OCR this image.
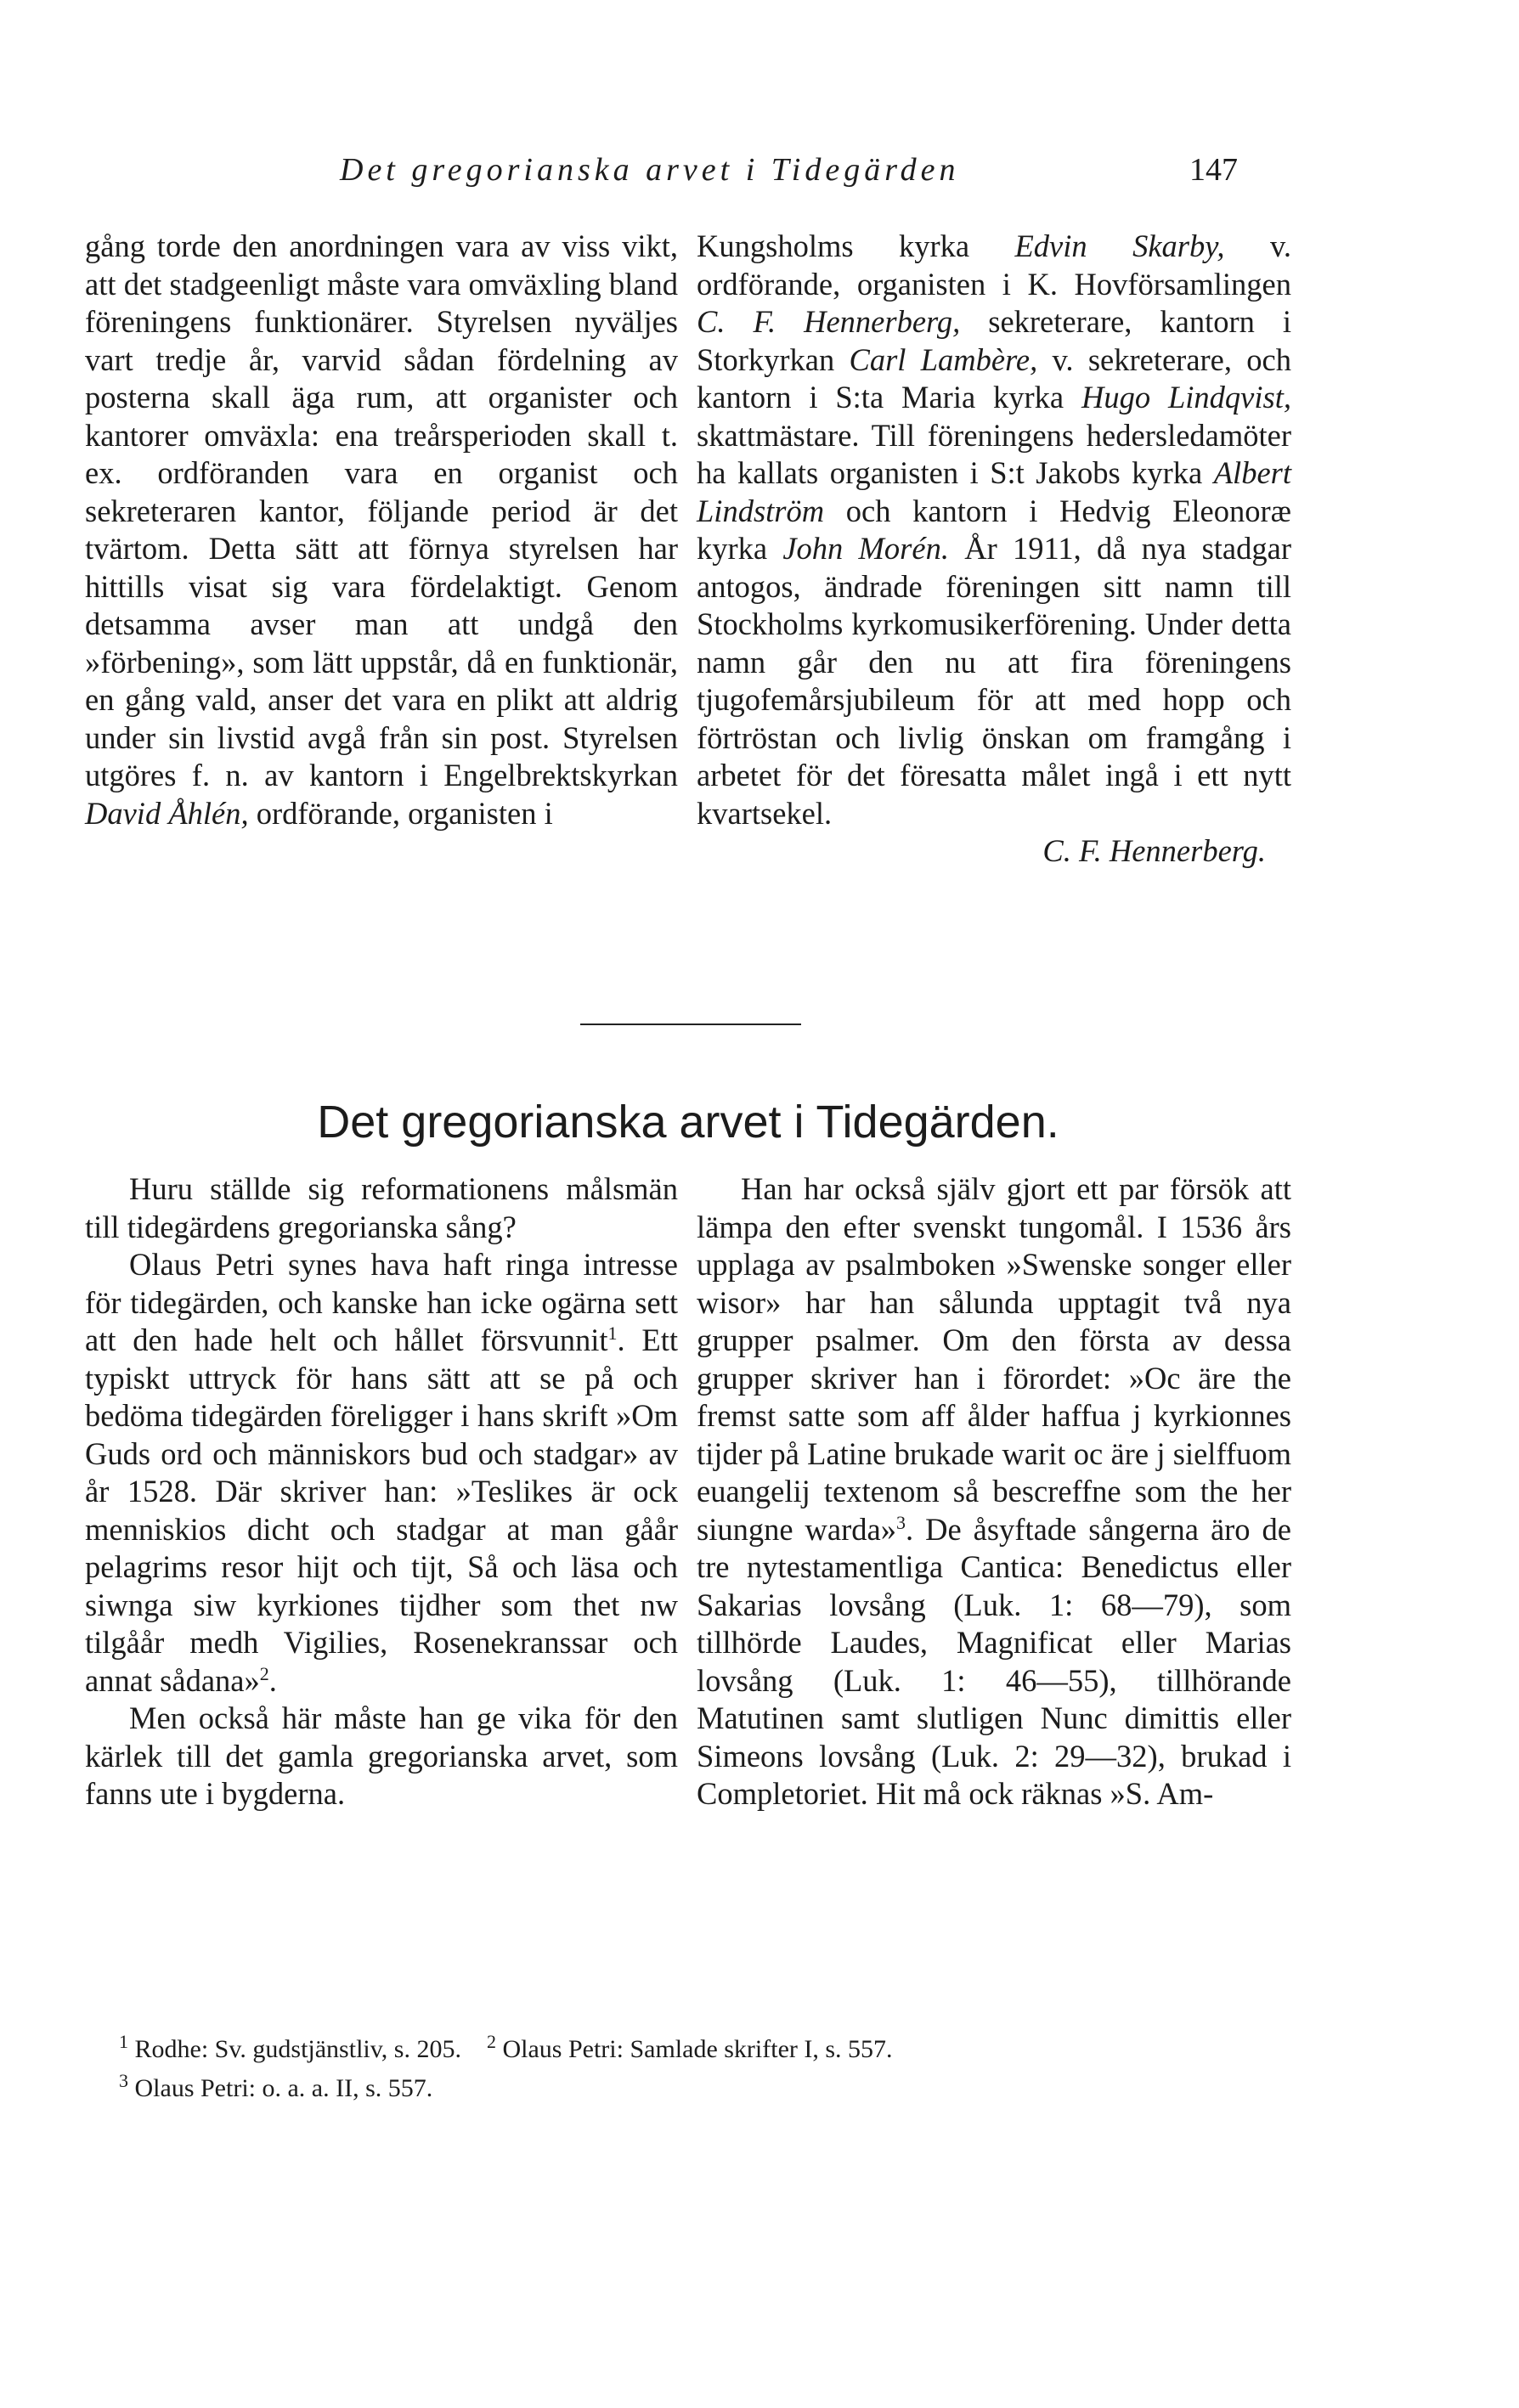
Det gregorianska arvet i Tidegärden	147

gång torde den anordningen vara av viss vikt, att det stadgeenligt måste vara omväxling bland föreningens funktionärer. Styrelsen nyväljes vart tredje år, varvid sådan fördelning av posterna skall äga rum, att organister och kantorer omväxla: ena treårsperioden skall t. ex. ordföranden vara en organist och sekreteraren kantor, följande period är det tvärtom. Detta sätt att förnya styrelsen har hittills visat sig vara fördelaktigt. Genom detsamma avser man att undgå den »förbening», som lätt uppstår, då en funktionär, en gång vald, anser det vara en plikt att aldrig under sin livstid avgå från sin post. Styrelsen utgöres f. n. av kantorn i Engelbrektskyrkan David Åhlén, ordförande, organisten i

Kungsholms kyrka Edvin Skarby, v. ordförande, organisten i K. Hovförsamlingen C. F. Hennerberg, sekreterare, kantorn i Storkyrkan Carl Lambère, v. sekreterare, och kantorn i S:ta Maria kyrka Hugo Lindqvist, skattmästare. Till föreningens hedersledamöter ha kallats organisten i S:t Jakobs kyrka Albert Lindström och kantorn i Hedvig Eleonoræ kyrka John Morén. År 1911, då nya stadgar antogos, ändrade föreningen sitt namn till Stockholms kyrkomusikerförening. Under detta namn går den nu att fira föreningens tjugofemårsjubileum för att med hopp och förtröstan och livlig önskan om framgång i arbetet för det föresatta målet ingå i ett nytt kvartsekel.
C. F. Hennerberg.

Det gregorianska arvet i Tidegärden.

Huru ställde sig reformationens målsmän till tidegärdens gregorianska sång?

Olaus Petri synes hava haft ringa intresse för tidegärden, och kanske han icke ogärna sett att den hade helt och hållet försvunnit$^1$. Ett typiskt uttryck för hans sätt att se på och bedöma tidegärden föreligger i hans skrift »Om Guds ord och människors bud och stadgar» av år 1528. Där skriver han: »Teslikes är ock menniskios dicht och stadgar at man gåår pelagrims resor hijt och tijt, Så och läsa och siwnga siw kyrkiones tijdher som thet nw tilgåår medh Vigilies, Rosenekranssar och annat sådana»$^2$.

Men också här måste han ge vika för den kärlek till det gamla gregorianska arvet, som fanns ute i bygderna.

Han har också själv gjort ett par försök att lämpa den efter svenskt tungomål. I 1536 års upplaga av psalmboken »Swenske songer eller wisor» har han sålunda upptagit två nya grupper psalmer. Om den första av dessa grupper skriver han i förordet: »Oc äre the fremst satte som aff ålder haffua j kyrkionnes tijder på Latine brukade warit oc äre j sielffuom euangelij textenom så bescreffne som the her siungne warda»$^3$. De åsyftade sångerna äro de tre nytestamentliga Cantica: Benedictus eller Sakarias lovsång (Luk. 1: 68—79), som tillhörde Laudes, Magnificat eller Marias lovsång (Luk. 1: 46—55), tillhörande Matutinen samt slutligen Nunc dimittis eller Simeons lovsång (Luk. 2: 29—32), brukad i Completoriet. Hit må ock räknas »S. Am-

$^1$ Rodhe: Sv. gudstjänstliv, s. 205. $^2$ Olaus Petri: Samlade skrifter I, s. 557.
$^3$ Olaus Petri: o. a. a. II, s. 557.
